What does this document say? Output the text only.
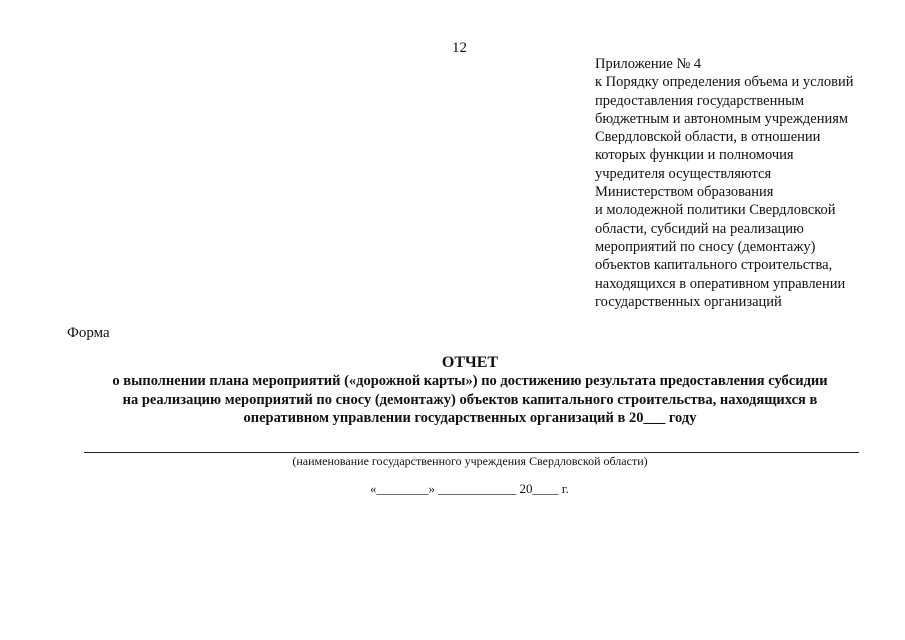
12
Приложение № 4
к Порядку определения объема и условий
предоставления государственным
бюджетным и автономным учреждениям
Свердловской области, в отношении
которых функции и полномочия
учредителя осуществляются
Министерством образования
и молодежной политики Свердловской
области, субсидий на реализацию
мероприятий по сносу (демонтажу)
объектов капитального строительства,
находящихся в оперативном управлении
государственных организаций
Форма
ОТЧЕТ
о выполнении плана мероприятий («дорожной карты») по достижению результата предоставления субсидии
на реализацию мероприятий по сносу (демонтажу) объектов капитального строительства, находящихся в
оперативном управлении государственных организаций в 20___ году
(наименование государственного учреждения Свердловской области)
«________» ____________ 20____ г.
